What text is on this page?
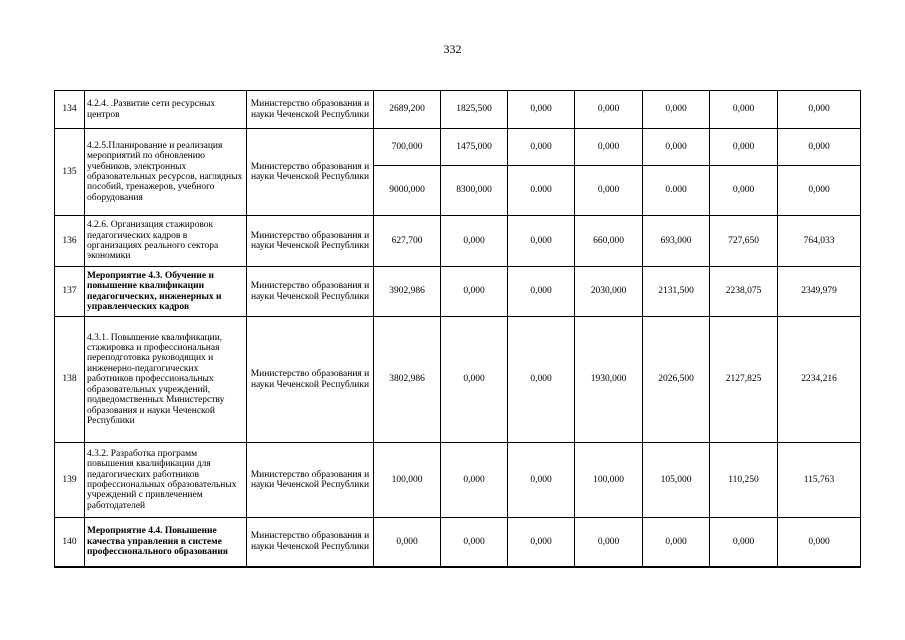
332
134	4.2.4. .Развитие сети ресурсных центров	Министерство образования и науки Чеченской Республики	2689,200	1825,500	0,000	0,000	0,000	0,000	0,000
135	4.2.5.Планирование и реализация мероприятий по обновлению учебников, электронных образовательных ресурсов, наглядных пособий, тренажеров, учебного оборудования	Министерство образования и науки Чеченской Республики	700,000	1475,000	0,000	0,000	0,000	0,000	0,000
			9000,000	8300,000	0.000	0,000	0.000	0,000	0,000
136	4.2.6. Организация стажировок педагогических кадров в организациях реального сектора экономики	Министерство образования и науки Чеченской Республики	627,700	0,000	0,000	660,000	693,000	727,650	764,033
137	Мероприятие 4.3. Обучение и повышение квалификации педагогических, инженерных и управленческих кадров	Министерство образования и науки Чеченской Республики	3902,986	0,000	0,000	2030,000	2131,500	2238,075	2349,979
138	4.3.1. Повышение квалификации, стажировка и профессиональная переподготовка руководящих и инженерно-педагогических работников профессиональных образовательных учреждений, подведомственных Министерству образования и науки Чеченской Республики	Министерство образования и науки Чеченской Республики	3802,986	0,000	0,000	1930,000	2026,500	2127,825	2234,216
139	4.3.2. Разработка программ повышения квалификации для педагогических работников профессиональных образовательных учреждений с привлечением работодателей	Министерство образования и науки Чеченской Республики	100,000	0,000	0,000	100,000	105,000	110,250	115,763
140	Мероприятие 4.4. Повышение качества управления в системе профессионального образования	Министерство образования и науки Чеченской Республики	0,000	0,000	0,000	0,000	0,000	0,000	0,000
